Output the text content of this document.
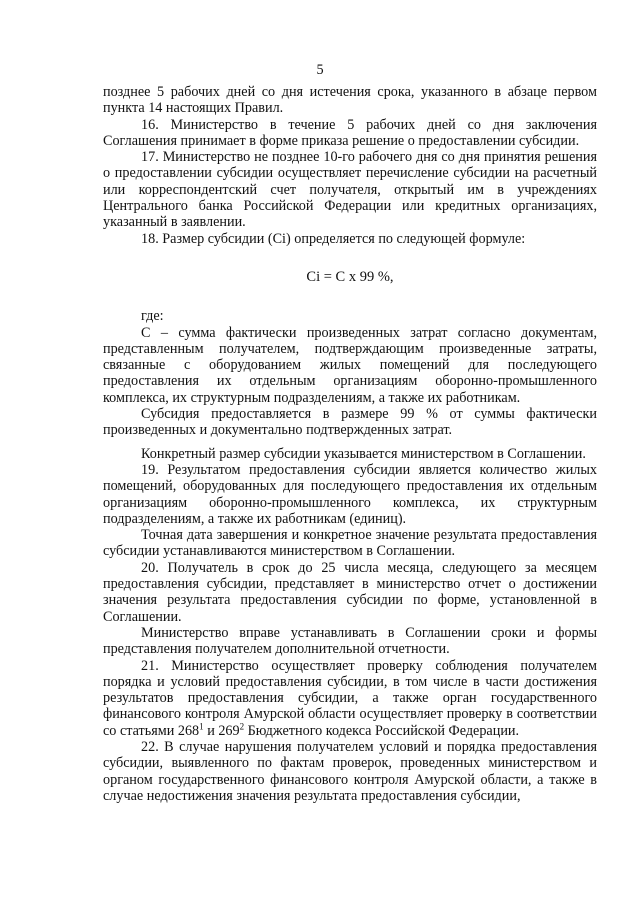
5

позднее 5 рабочих дней со дня истечения срока, указанного в абзаце первом пункта 14 настоящих Правил.

16. Министерство в течение 5 рабочих дней со дня заключения Соглашения принимает в форме приказа решение о предоставлении субсидии.

17. Министерство не позднее 10-го рабочего дня со дня принятия решения о предоставлении субсидии осуществляет перечисление субсидии на расчетный или корреспондентский счет получателя, открытый им в учреждениях Центрального банка Российской Федерации или кредитных организациях, указанный в заявлении.

18. Размер субсидии (Ci) определяется по следующей формуле:

Ci = C х 99 %,

где:

С – сумма фактически произведенных затрат согласно документам, представленным получателем, подтверждающим произведенные затраты, связанные с оборудованием жилых помещений для последующего предоставления их отдельным организациям оборонно-промышленного комплекса, их структурным подразделениям, а также их работникам.

Субсидия предоставляется в размере 99 % от суммы фактически произведенных и документально подтвержденных затрат.

Конкретный размер субсидии указывается министерством в Соглашении.

19. Результатом предоставления субсидии является количество жилых помещений, оборудованных для последующего предоставления их отдельным организациям оборонно-промышленного комплекса, их структурным подразделениям, а также их работникам (единиц).

Точная дата завершения и конкретное значение результата предоставления субсидии устанавливаются министерством в Соглашении.

20. Получатель в срок до 25 числа месяца, следующего за месяцем предоставления субсидии, представляет в министерство отчет о достижении значения результата предоставления субсидии по форме, установленной в Соглашении.

Министерство вправе устанавливать в Соглашении сроки и формы представления получателем дополнительной отчетности.

21. Министерство осуществляет проверку соблюдения получателем порядка и условий предоставления субсидии, в том числе в части достижения результатов предоставления субсидии, а также орган государственного финансового контроля Амурской области осуществляет проверку в соответствии со статьями $268^1$ и $269^2$ Бюджетного кодекса Российской Федерации.

22. В случае нарушения получателем условий и порядка предоставления субсидии, выявленного по фактам проверок, проведенных министерством и органом государственного финансового контроля Амурской области, а также в случае недостижения значения результата предоставления субсидии,
